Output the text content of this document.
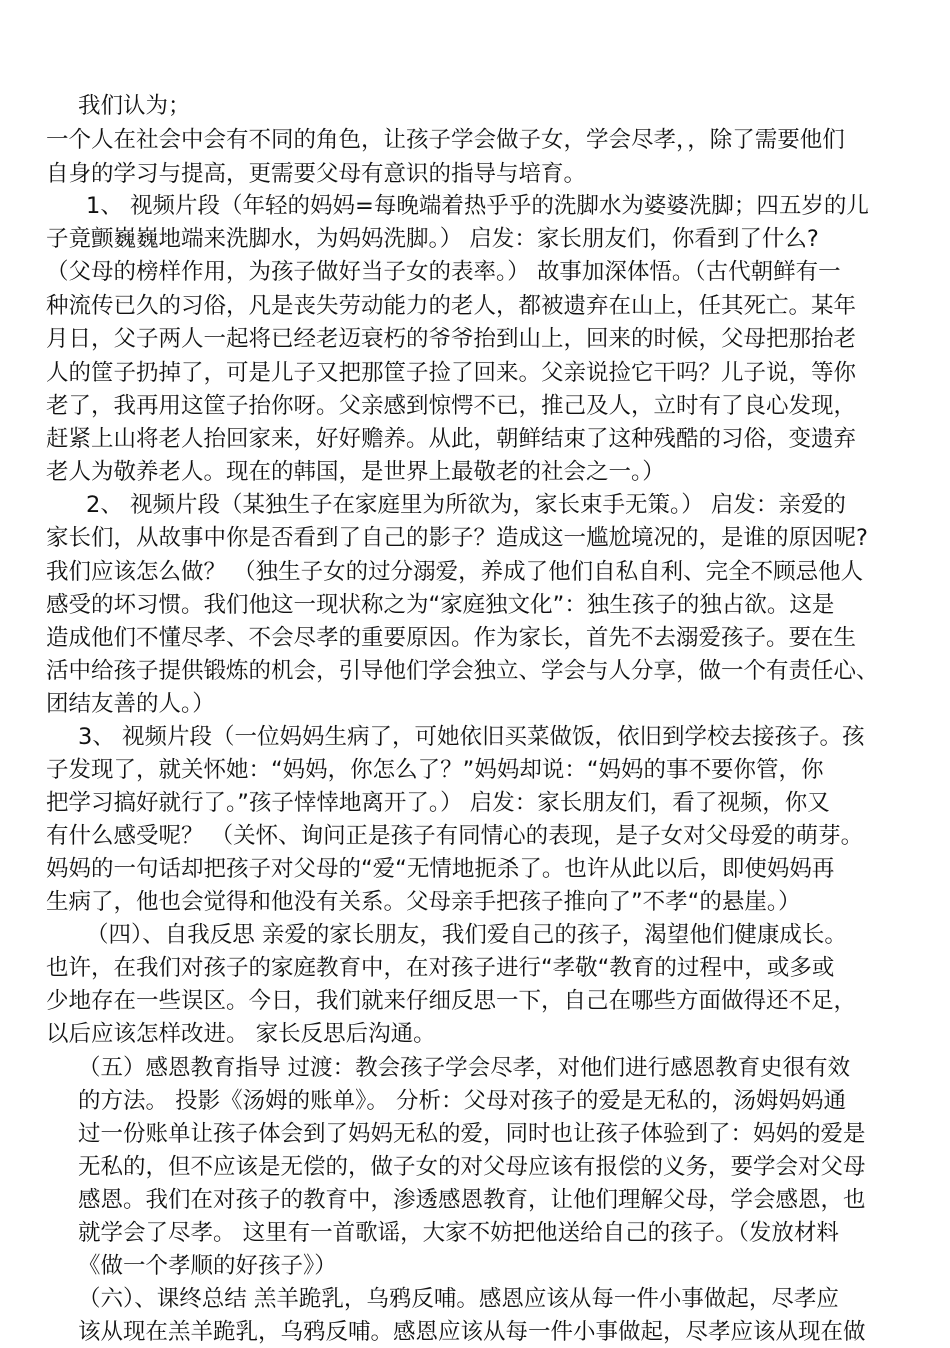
我们认为；
一个人在社会中会有不同的角色，让孩子学会做子女，学会尽孝，，除了需要他们
自身的学习与提高，更需要父母有意识的指导与培育。
1、 视频片段（年轻的妈妈=每晚端着热乎乎的洗脚水为婆婆洗脚；四五岁的儿
子竟颤巍巍地端来洗脚水，为妈妈洗脚。） 启发：家长朋友们，你看到了什么?
（父母的榜样作用，为孩子做好当子女的表率。） 故事加深体悟。（古代朝鲜有一
种流传已久的习俗，凡是丧失劳动能力的老人，都被遗弃在山上，任其死亡。某年
月日，父子两人一起将已经老迈衰朽的爷爷抬到山上，回来的时候，父母把那抬老
人的筐子扔掉了，可是儿子又把那筐子捡了回来。父亲说捡它干吗？儿子说，等你
老了，我再用这筐子抬你呀。父亲感到惊愕不已，推己及人，立时有了良心发现，
赶紧上山将老人抬回家来，好好赡养。从此，朝鲜结束了这种残酷的习俗，变遗弃
老人为敬养老人。现在的韩国，是世界上最敬老的社会之一。）
2、 视频片段（某独生子在家庭里为所欲为，家长束手无策。） 启发：亲爱的
家长们，从故事中你是否看到了自己的影子？造成这一尴尬境况的，是谁的原因呢?
我们应该怎么做？ （独生子女的过分溺爱，养成了他们自私自利、完全不顾忌他人
感受的坏习惯。我们他这一现状称之为“家庭独文化”：独生孩子的独占欲。这是
造成他们不懂尽孝、不会尽孝的重要原因。作为家长，首先不去溺爱孩子。要在生
活中给孩子提供锻炼的机会，引导他们学会独立、学会与人分享，做一个有责任心、
团结友善的人。）
3、 视频片段（一位妈妈生病了，可她依旧买菜做饭，依旧到学校去接孩子。孩
子发现了，就关怀她：“妈妈，你怎么了？”妈妈却说：“妈妈的事不要你管，你
把学习搞好就行了。”孩子悻悻地离开了。） 启发：家长朋友们，看了视频，你又
有什么感受呢？ （关怀、询问正是孩子有同情心的表现，是子女对父母爱的萌芽。
妈妈的一句话却把孩子对父母的“爱“无情地扼杀了。也许从此以后，即使妈妈再
生病了，他也会觉得和他没有关系。父母亲手把孩子推向了”不孝“的悬崖。）
（四）、自我反思 亲爱的家长朋友，我们爱自己的孩子，渴望他们健康成长。
也许，在我们对孩子的家庭教育中，在对孩子进行“孝敬“教育的过程中，或多或
少地存在一些误区。今日，我们就来仔细反思一下，自己在哪些方面做得还不足，
以后应该怎样改进。 家长反思后沟通。
（五）感恩教育指导 过渡：教会孩子学会尽孝，对他们进行感恩教育史很有效
的方法。 投影《汤姆的账单》。 分析：父母对孩子的爱是无私的，汤姆妈妈通
过一份账单让孩子体会到了妈妈无私的爱，同时也让孩子体验到了：妈妈的爱是
无私的，但不应该是无偿的，做子女的对父母应该有报偿的义务，要学会对父母
感恩。我们在对孩子的教育中，渗透感恩教育，让他们理解父母，学会感恩，也
就学会了尽孝。 这里有一首歌谣，大家不妨把他送给自己的孩子。（发放材料
《做一个孝顺的好孩子》）
（六）、课终总结 羔羊跪乳，乌鸦反哺。感恩应该从每一件小事做起，尽孝应
该从现在羔羊跪乳，乌鸦反哺。感恩应该从每一件小事做起，尽孝应该从现在做
